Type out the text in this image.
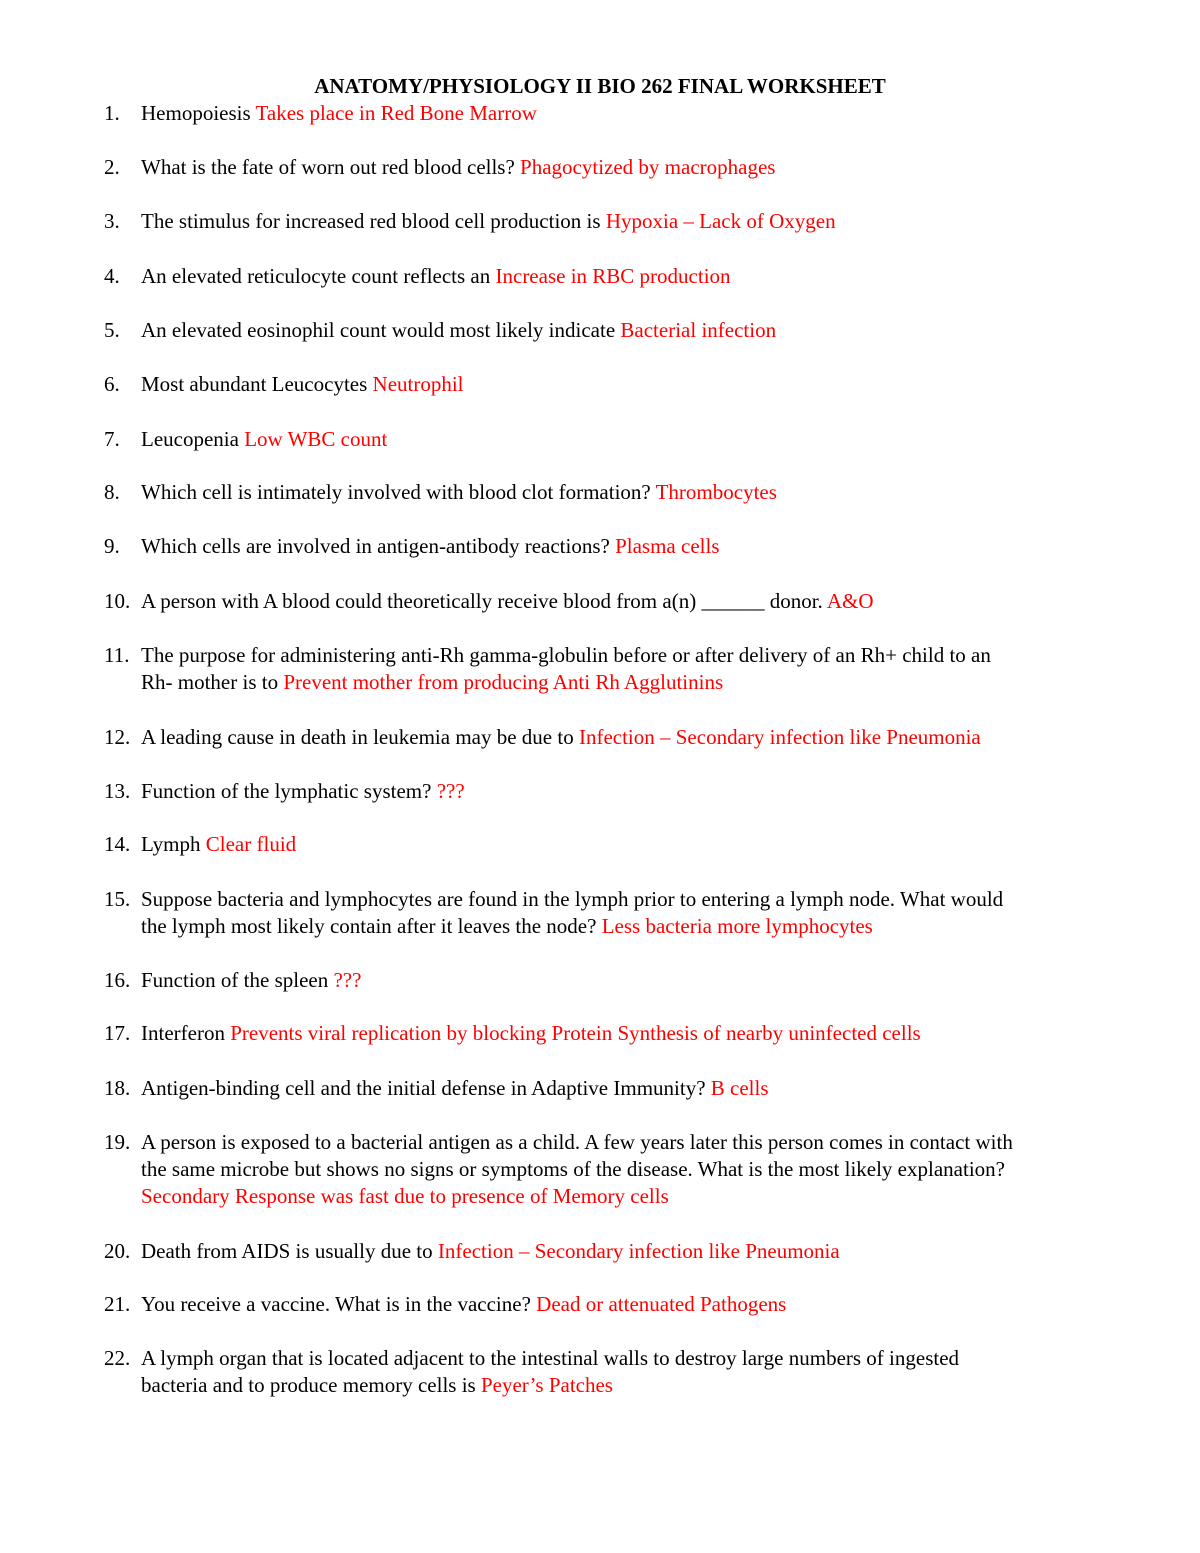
ANATOMY/PHYSIOLOGY II BIO 262 FINAL WORKSHEET
1. Hemopoiesis Takes place in Red Bone Marrow
2. What is the fate of worn out red blood cells? Phagocytized by macrophages
3. The stimulus for increased red blood cell production is Hypoxia – Lack of Oxygen
4. An elevated reticulocyte count reflects an Increase in RBC production
5. An elevated eosinophil count would most likely indicate Bacterial infection
6. Most abundant Leucocytes Neutrophil
7. Leucopenia Low WBC count
8. Which cell is intimately involved with blood clot formation? Thrombocytes
9. Which cells are involved in antigen-antibody reactions? Plasma cells
10. A person with A blood could theoretically receive blood from a(n) ______ donor. A&O
11. The purpose for administering anti-Rh gamma-globulin before or after delivery of an Rh+ child to an
Rh- mother is to Prevent mother from producing Anti Rh Agglutinins
12. A leading cause in death in leukemia may be due to Infection – Secondary infection like Pneumonia
13. Function of the lymphatic system? ???
14. Lymph Clear fluid
15. Suppose bacteria and lymphocytes are found in the lymph prior to entering a lymph node. What would
the lymph most likely contain after it leaves the node? Less bacteria more lymphocytes
16. Function of the spleen ???
17. Interferon Prevents viral replication by blocking Protein Synthesis of nearby uninfected cells
18. Antigen-binding cell and the initial defense in Adaptive Immunity? B cells
19. A person is exposed to a bacterial antigen as a child. A few years later this person comes in contact with
the same microbe but shows no signs or symptoms of the disease. What is the most likely explanation?
Secondary Response was fast due to presence of Memory cells
20. Death from AIDS is usually due to Infection – Secondary infection like Pneumonia
21. You receive a vaccine. What is in the vaccine? Dead or attenuated Pathogens
22. A lymph organ that is located adjacent to the intestinal walls to destroy large numbers of ingested
bacteria and to produce memory cells is Peyer’s Patches
